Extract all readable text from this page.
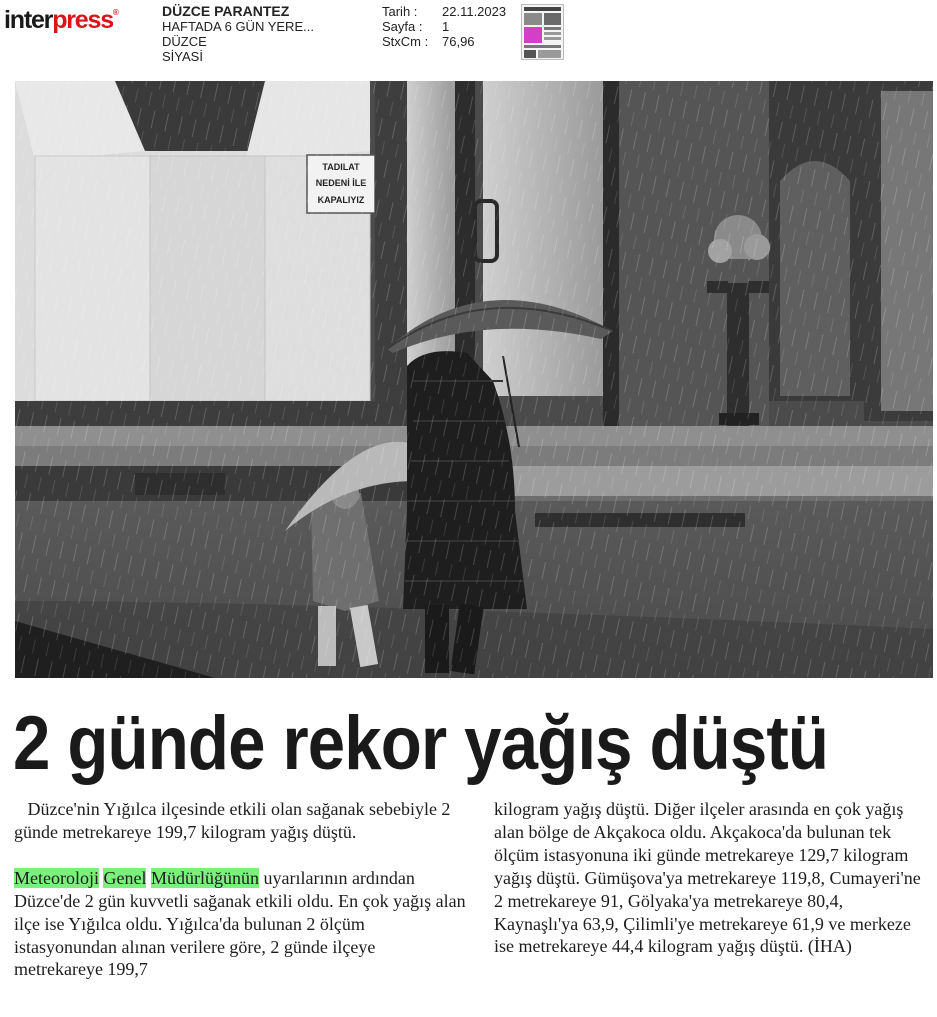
interpress®	DÜZCE PARANTEZ
HAFTADA 6 GÜN YERE...
DÜZCE
SİYASİ
Tarih :	22.11.2023
Sayfa :	1
StxCm :	76,96
2 günde rekor yağış düştü

Düzce'nin Yığılca ilçesinde etkili olan sağanak sebebiyle 2 günde metrekareye 199,7 kilogram yağış düştü.

Meteoroloji Genel Müdürlüğünün uyarılarının ardından Düzce'de 2 gün kuvvetli sağanak etkili oldu. En çok yağış alan ilçe ise Yığılca oldu. Yığılca'da bulunan 2 ölçüm istasyonundan alınan verilere göre, 2 günde ilçeye metrekareye 199,7

kilogram yağış düştü. Diğer ilçeler arasında en çok yağış alan bölge de Akçakoca oldu. Akçakoca'da bulunan tek ölçüm istasyonuna iki günde metrekareye 129,7 kilogram yağış düştü. Gümüşova'ya metrekareye 119,8, Cumayeri'ne 2 metrekareye 91, Gölyaka'ya metrekareye 80,4, Kaynaşlı'ya 63,9, Çilimli'ye metrekareye 61,9 ve merkeze ise metrekareye 44,4 kilogram yağış düştü. (İHA)
